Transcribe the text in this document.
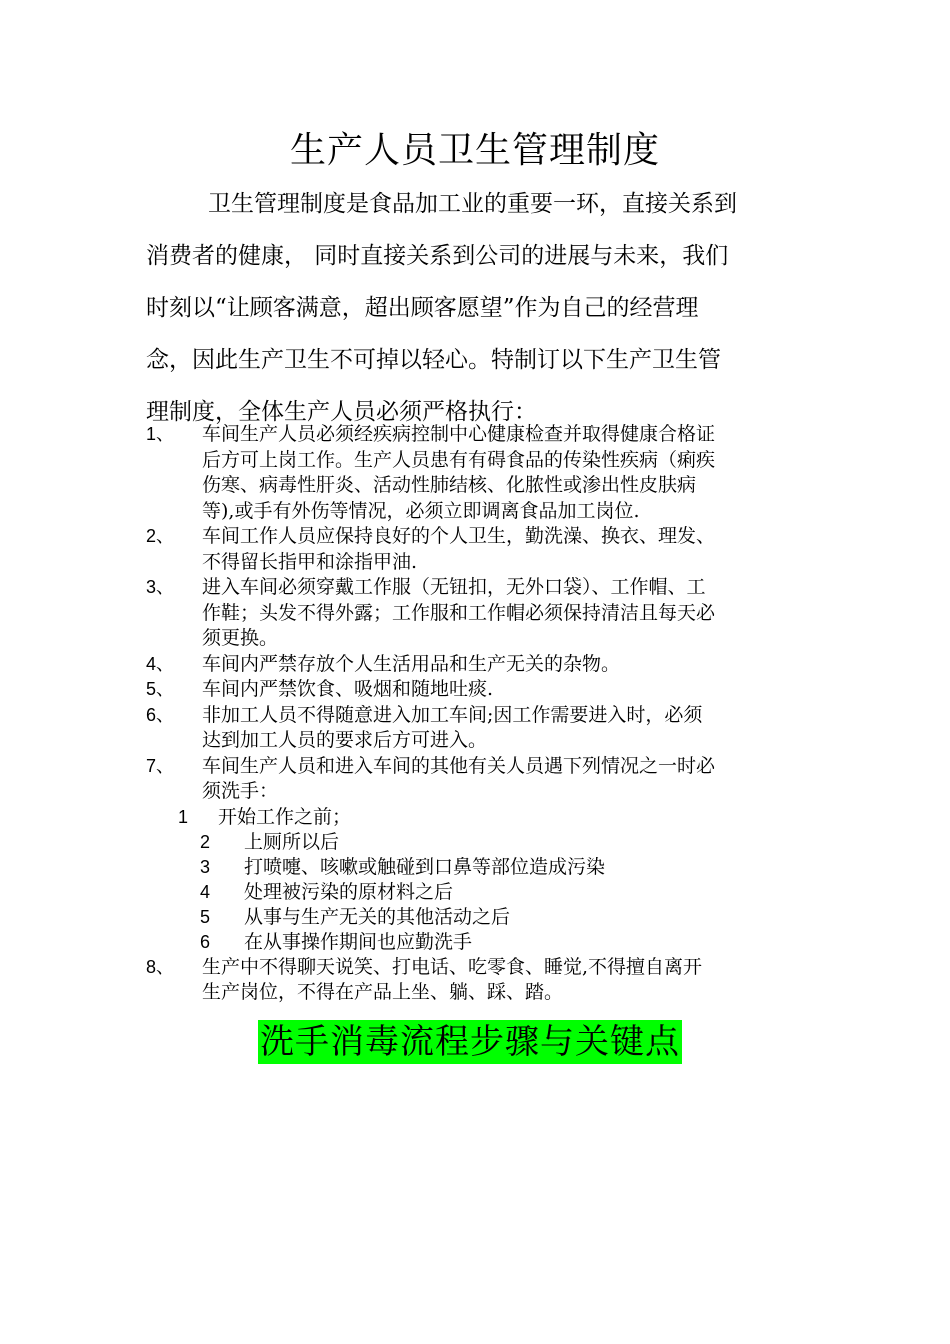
生产人员卫生管理制度
卫生管理制度是食品加工业的重要一环，直接关系到
消费者的健康， 同时直接关系到公司的进展与未来，我们
时刻以“让顾客满意，超出顾客愿望”作为自己的经营理
念，因此生产卫生不可掉以轻心。特制订以下生产卫生管
理制度，全体生产人员必须严格执行：
1、 车间生产人员必须经疾病控制中心健康检查并取得健康合格证
后方可上岗工作。生产人员患有有碍食品的传染性疾病（痢疾
伤寒、病毒性肝炎、活动性肺结核、化脓性或渗出性皮肤病
等),或手有外伤等情况，必须立即调离食品加工岗位.
2、 车间工作人员应保持良好的个人卫生，勤洗澡、换衣、理发、
不得留长指甲和涂指甲油.
3、 进入车间必须穿戴工作服（无钮扣，无外口袋）、工作帽、工
作鞋；头发不得外露；工作服和工作帽必须保持清洁且每天必
须更换。
4、 车间内严禁存放个人生活用品和生产无关的杂物。
5、 车间内严禁饮食、吸烟和随地吐痰.
6、 非加工人员不得随意进入加工车间;因工作需要进入时，必须
达到加工人员的要求后方可进入。
7、 车间生产人员和进入车间的其他有关人员遇下列情况之一时必
须洗手：
1 开始工作之前；
2 上厕所以后
3 打喷嚏、咳嗽或触碰到口鼻等部位造成污染
4 处理被污染的原材料之后
5 从事与生产无关的其他活动之后
6 在从事操作期间也应勤洗手
8、 生产中不得聊天说笑、打电话、吃零食、睡觉,不得擅自离开
生产岗位，不得在产品上坐、躺、踩、踏。
洗手消毒流程步骤与关键点
